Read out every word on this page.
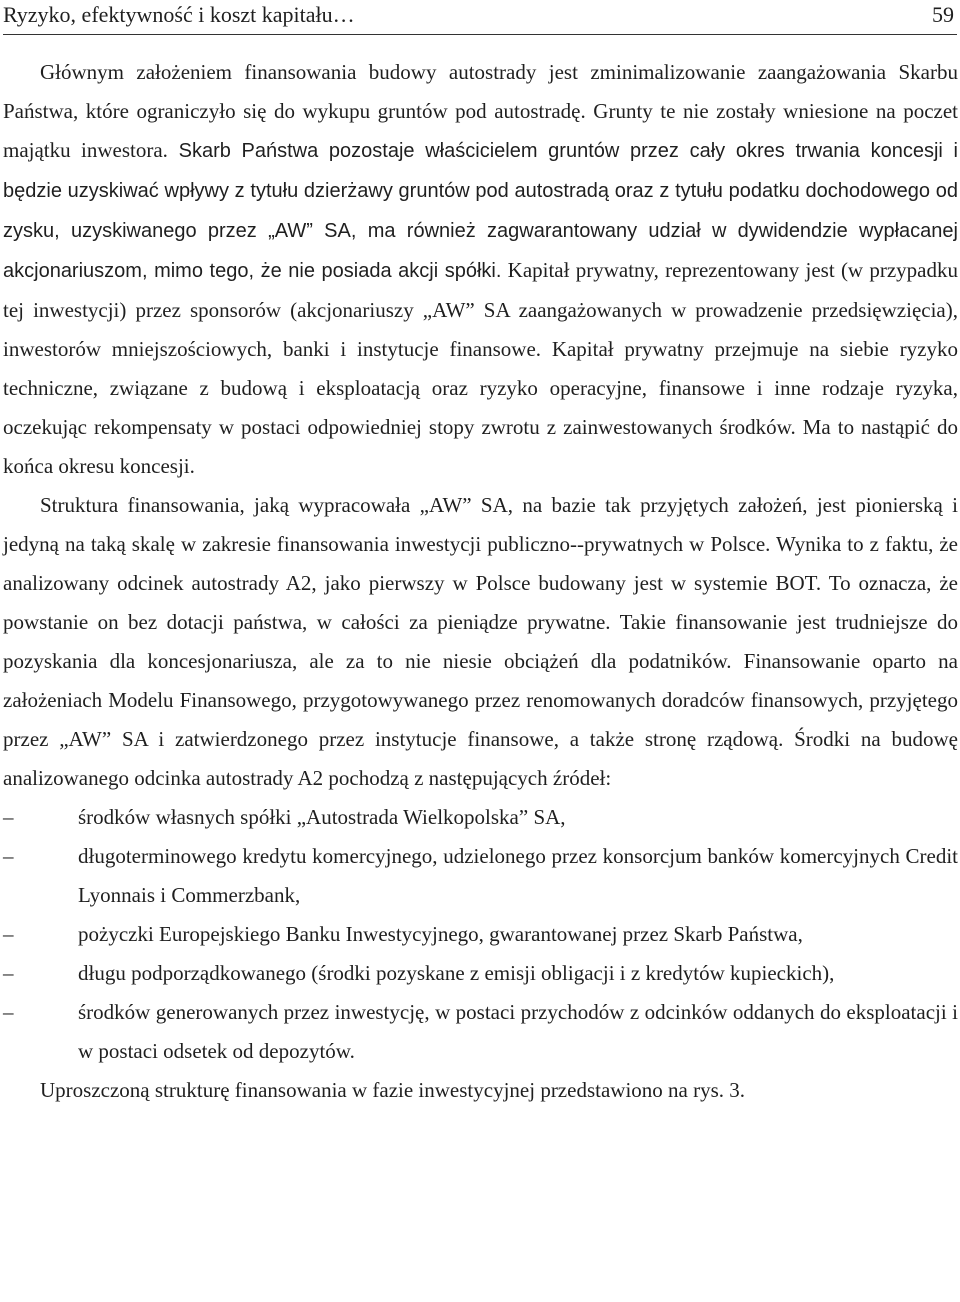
Ryzyko, efektywność i koszt kapitału…	59

Głównym założeniem finansowania budowy autostrady jest zminimalizowanie zaangażowania Skarbu Państwa, które ograniczyło się do wykupu gruntów pod autostradę. Grunty te nie zostały wniesione na poczet majątku inwestora. Skarb Państwa pozostaje właścicielem gruntów przez cały okres trwania koncesji i będzie uzyskiwać wpływy z tytułu dzierżawy gruntów pod autostradą oraz z tytułu podatku dochodowego od zysku, uzyskiwanego przez „AW” SA, ma również zagwarantowany udział w dywidendzie wypłacanej akcjonariuszom, mimo tego, że nie posiada akcji spółki. Kapitał prywatny, reprezentowany jest (w przypadku tej inwestycji) przez sponsorów (akcjonariuszy „AW” SA zaangażowanych w prowadzenie przedsięwzięcia), inwestorów mniejszościowych, banki i instytucje finansowe. Kapitał prywatny przejmuje na siebie ryzyko techniczne, związane z budową i eksploatacją oraz ryzyko operacyjne, finansowe i inne rodzaje ryzyka, oczekując rekompensaty w postaci odpowiedniej stopy zwrotu z zainwestowanych środków. Ma to nastąpić do końca okresu koncesji.

Struktura finansowania, jaką wypracowała „AW” SA, na bazie tak przyjętych założeń, jest pionierską i jedyną na taką skalę w zakresie finansowania inwestycji publiczno--prywatnych w Polsce. Wynika to z faktu, że analizowany odcinek autostrady A2, jako pierwszy w Polsce budowany jest w systemie BOT. To oznacza, że powstanie on bez dotacji państwa, w całości za pieniądze prywatne. Takie finansowanie jest trudniejsze do pozyskania dla koncesjonariusza, ale za to nie niesie obciążeń dla podatników. Finansowanie oparto na założeniach Modelu Finansowego, przygotowywanego przez renomowanych doradców finansowych, przyjętego przez „AW” SA i zatwierdzonego przez instytucje finansowe, a także stronę rządową. Środki na budowę analizowanego odcinka autostrady A2 pochodzą z następujących źródeł:

–	środków własnych spółki „Autostrada Wielkopolska” SA,
–	długoterminowego kredytu komercyjnego, udzielonego przez konsorcjum banków komercyjnych Credit Lyonnais i Commerzbank,
–	pożyczki Europejskiego Banku Inwestycyjnego, gwarantowanej przez Skarb Państwa,
–	długu podporządkowanego (środki pozyskane z emisji obligacji i z kredytów kupieckich),
–	środków generowanych przez inwestycję, w postaci przychodów z odcinków oddanych do eksploatacji i w postaci odsetek od depozytów.

Uproszczoną strukturę finansowania w fazie inwestycyjnej przedstawiono na rys. 3.
